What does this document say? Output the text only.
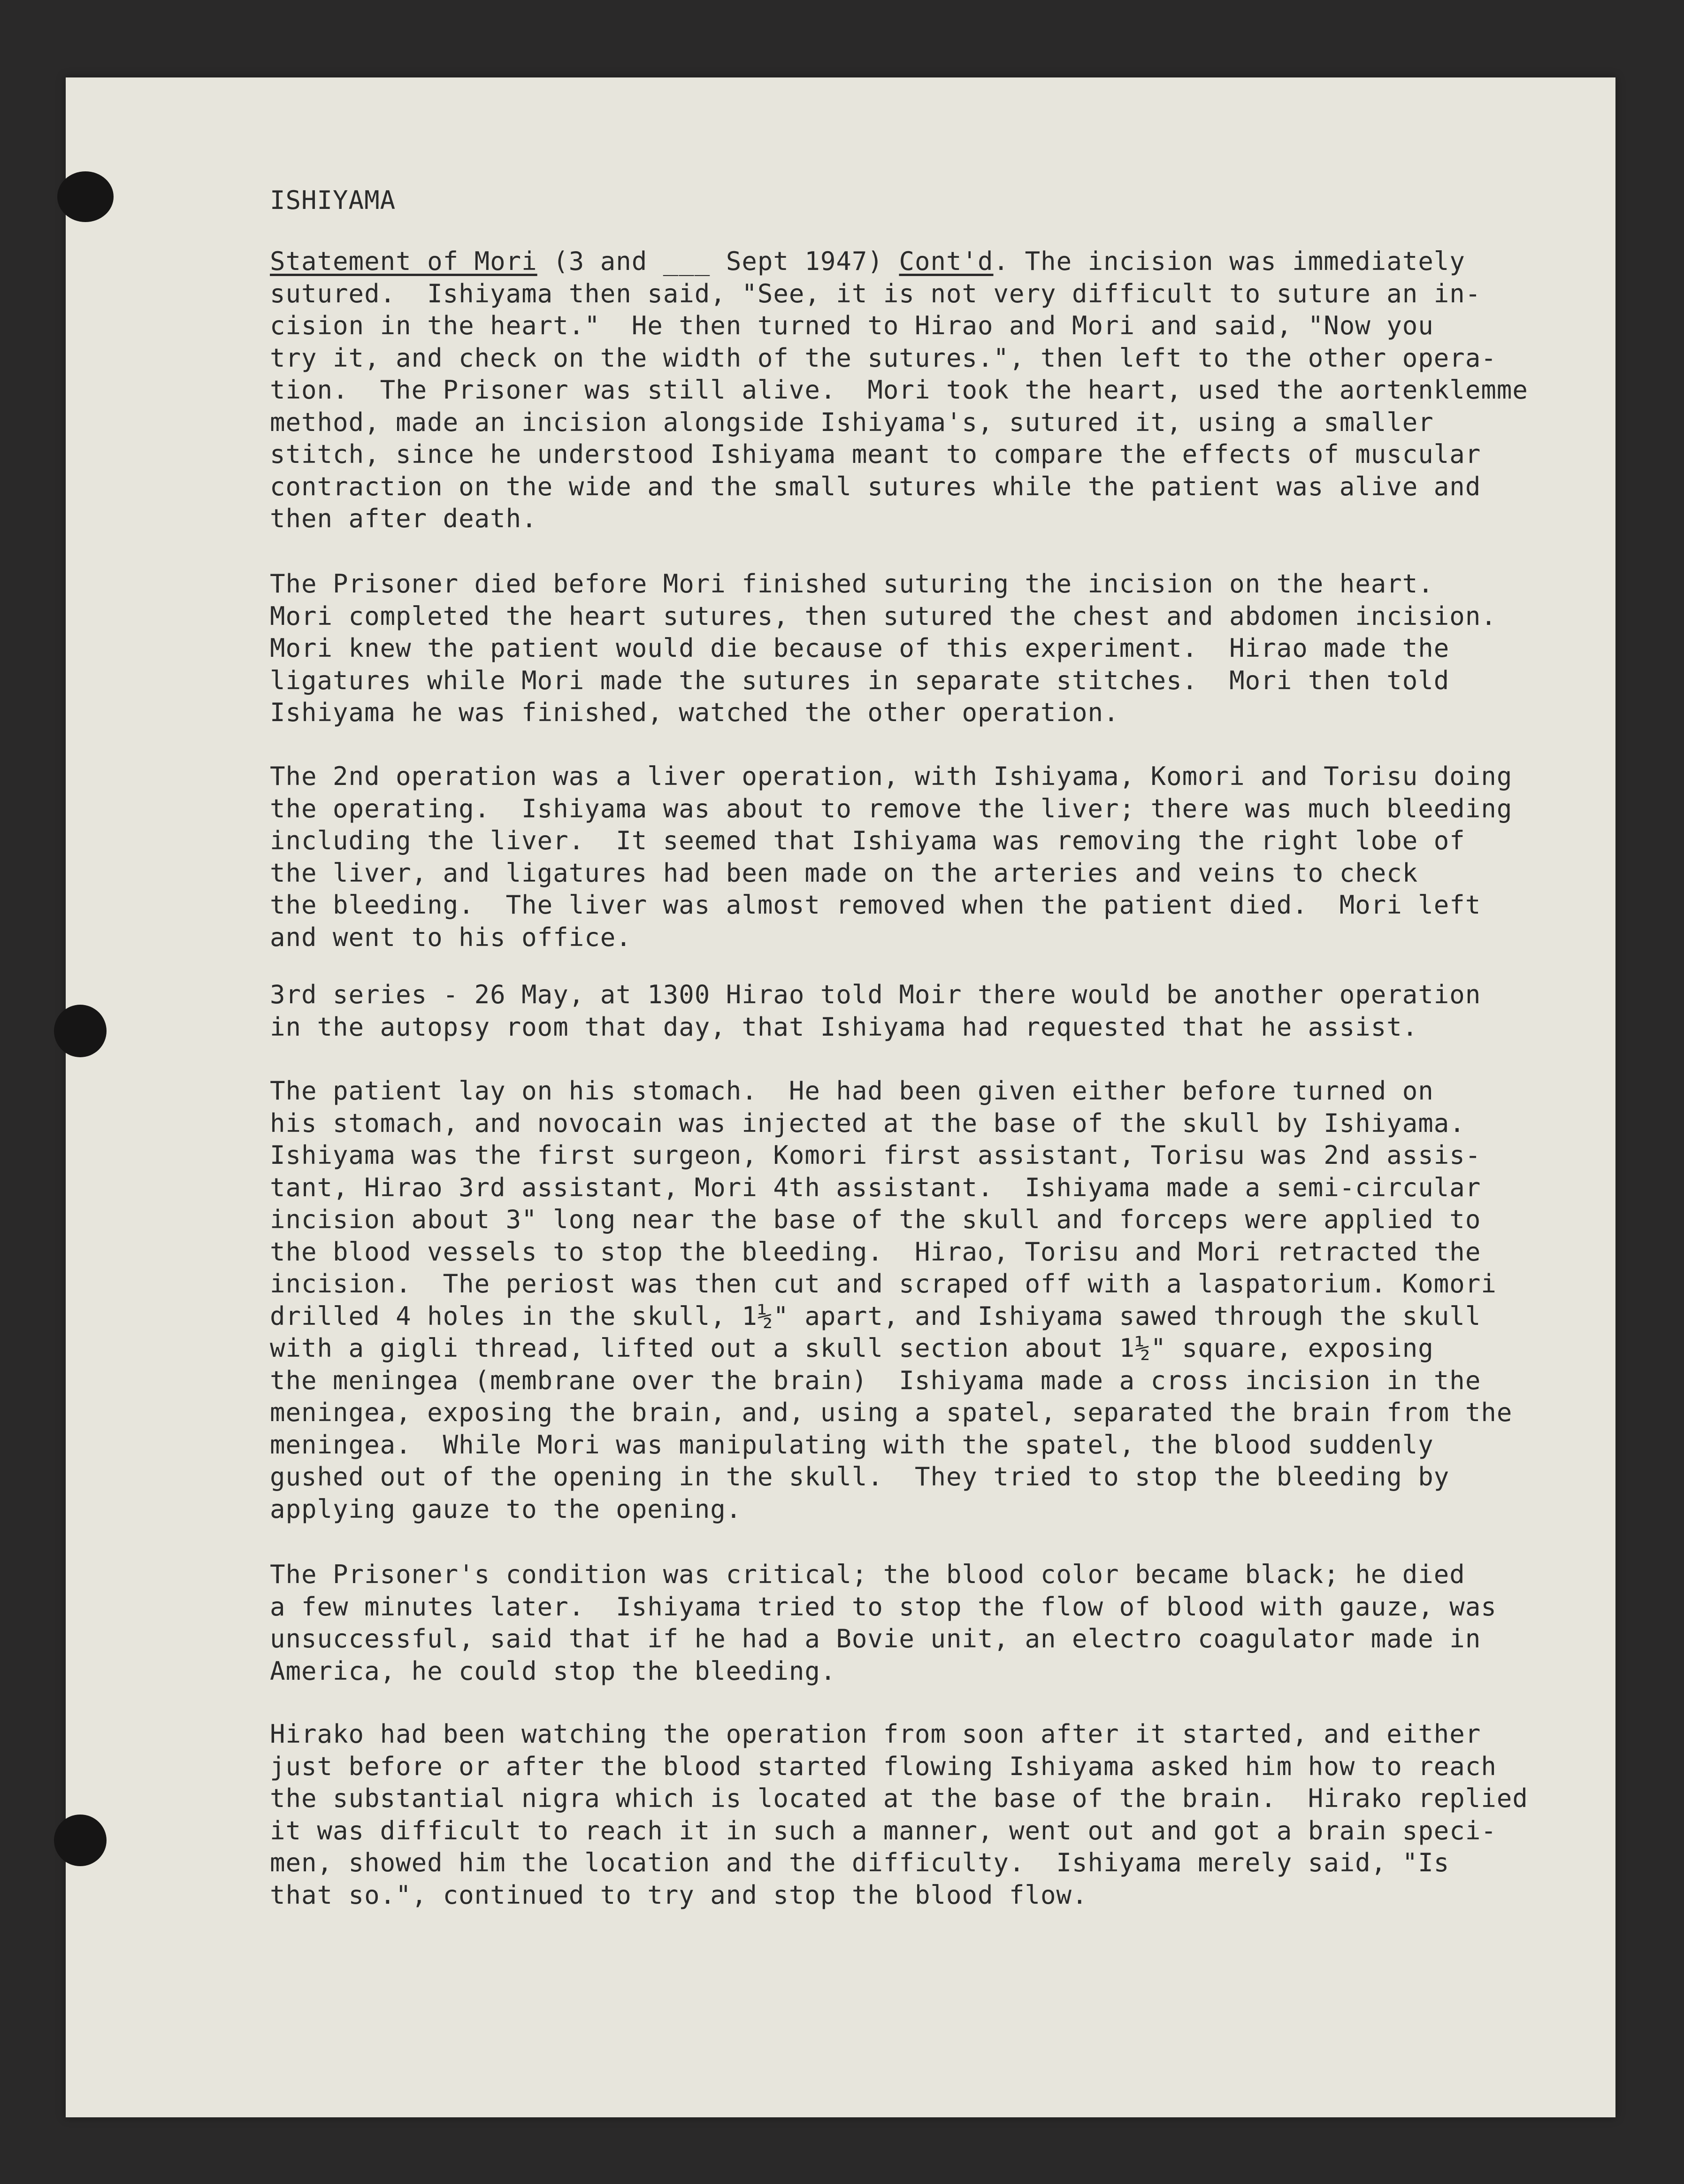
ISHIYAMA
Statement of Mori (3 and ___ Sept 1947) Cont'd. The incision was immediately
sutured.  Ishiyama then said, "See, it is not very difficult to suture an in-
cision in the heart."  He then turned to Hirao and Mori and said, "Now you
try it, and check on the width of the sutures.", then left to the other opera-
tion.  The Prisoner was still alive.  Mori took the heart, used the aortenklemme
method, made an incision alongside Ishiyama's, sutured it, using a smaller
stitch, since he understood Ishiyama meant to compare the effects of muscular
contraction on the wide and the small sutures while the patient was alive and
then after death.
The Prisoner died before Mori finished suturing the incision on the heart.
Mori completed the heart sutures, then sutured the chest and abdomen incision.
Mori knew the patient would die because of this experiment.  Hirao made the
ligatures while Mori made the sutures in separate stitches.  Mori then told
Ishiyama he was finished, watched the other operation.
The 2nd operation was a liver operation, with Ishiyama, Komori and Torisu doing
the operating.  Ishiyama was about to remove the liver; there was much bleeding
including the liver.  It seemed that Ishiyama was removing the right lobe of
the liver, and ligatures had been made on the arteries and veins to check
the bleeding.  The liver was almost removed when the patient died.  Mori left
and went to his office.
3rd series - 26 May, at 1300 Hirao told Moir there would be another operation
in the autopsy room that day, that Ishiyama had requested that he assist.
The patient lay on his stomach.  He had been given either before turned on
his stomach, and novocain was injected at the base of the skull by Ishiyama.
Ishiyama was the first surgeon, Komori first assistant, Torisu was 2nd assis-
tant, Hirao 3rd assistant, Mori 4th assistant.  Ishiyama made a semi-circular
incision about 3" long near the base of the skull and forceps were applied to
the blood vessels to stop the bleeding.  Hirao, Torisu and Mori retracted the
incision.  The periost was then cut and scraped off with a laspatorium. Komori
drilled 4 holes in the skull, 1½" apart, and Ishiyama sawed through the skull
with a gigli thread, lifted out a skull section about 1½" square, exposing
the meningea (membrane over the brain)  Ishiyama made a cross incision in the
meningea, exposing the brain, and, using a spatel, separated the brain from the
meningea.  While Mori was manipulating with the spatel, the blood suddenly
gushed out of the opening in the skull.  They tried to stop the bleeding by
applying gauze to the opening.
The Prisoner's condition was critical; the blood color became black; he died
a few minutes later.  Ishiyama tried to stop the flow of blood with gauze, was
unsuccessful, said that if he had a Bovie unit, an electro coagulator made in
America, he could stop the bleeding.
Hirako had been watching the operation from soon after it started, and either
just before or after the blood started flowing Ishiyama asked him how to reach
the substantial nigra which is located at the base of the brain.  Hirako replied
it was difficult to reach it in such a manner, went out and got a brain speci-
men, showed him the location and the difficulty.  Ishiyama merely said, "Is
that so.", continued to try and stop the blood flow.
